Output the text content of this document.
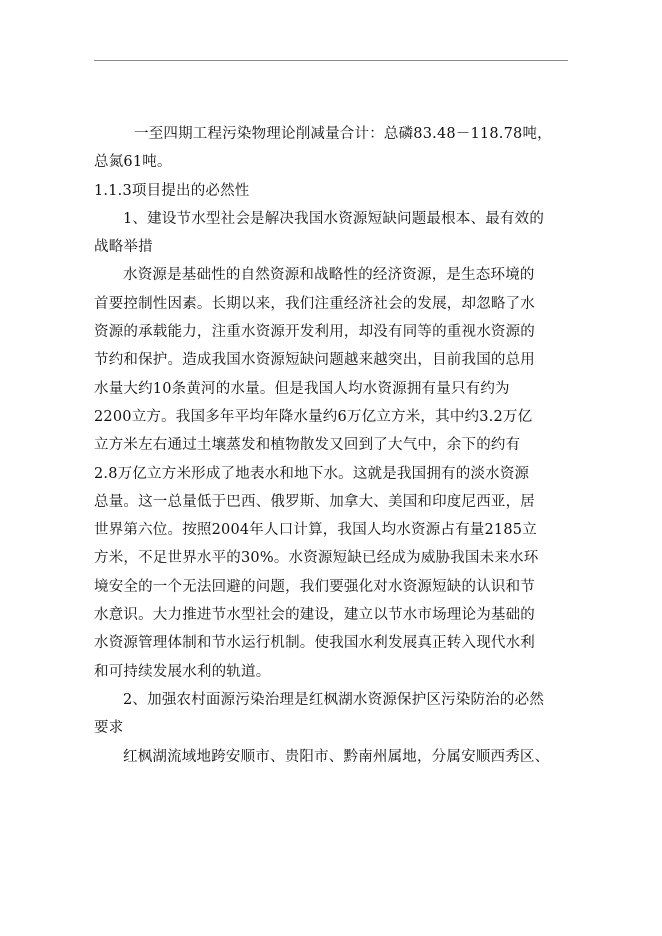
一至四期工程污染物理论削减量合计：总磷83.48－118.78吨，

总氮61吨。

1.1.3项目提出的必然性

1、建设节水型社会是解决我国水资源短缺问题最根本、最有效的

战略举措

水资源是基础性的自然资源和战略性的经济资源，是生态环境的

首要控制性因素。长期以来，我们注重经济社会的发展，却忽略了水

资源的承载能力，注重水资源开发利用，却没有同等的重视水资源的

节约和保护。造成我国水资源短缺问题越来越突出，目前我国的总用

水量大约10条黄河的水量。但是我国人均水资源拥有量只有约为

2200立方。我国多年平均年降水量约6万亿立方米，其中约3.2万亿

立方米左右通过土壤蒸发和植物散发又回到了大气中，余下的约有

2.8万亿立方米形成了地表水和地下水。这就是我国拥有的淡水资源

总量。这一总量低于巴西、俄罗斯、加拿大、美国和印度尼西亚，居

世界第六位。按照2004年人口计算，我国人均水资源占有量2185立

方米，不足世界水平的30%。水资源短缺已经成为威胁我国未来水环

境安全的一个无法回避的问题，我们要强化对水资源短缺的认识和节

水意识。大力推进节水型社会的建设，建立以节水市场理论为基础的

水资源管理体制和节水运行机制。使我国水利发展真正转入现代水利

和可持续发展水利的轨道。

2、加强农村面源污染治理是红枫湖水资源保护区污染防治的必然

要求

红枫湖流域地跨安顺市、贵阳市、黔南州属地，分属安顺西秀区、
